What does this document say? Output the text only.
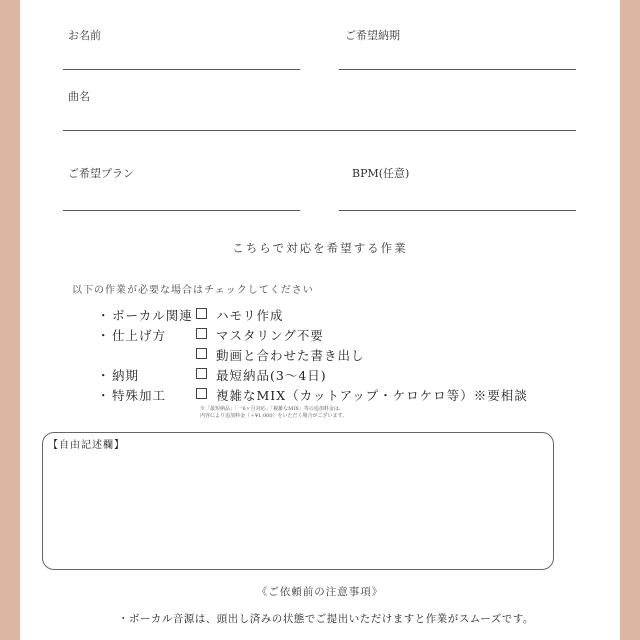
お名前	ご希望納期
曲名
ご希望プラン	BPM(任意)
こちらで対応を希望する作業
以下の作業が必要な場合はチェックしてください
・ ボーカル関連 ハモリ作成
・ 仕上げ方	マスタリング不要
動画と合わせた書き出し
・ 納期	最短納品(3〜4日)
・ 特殊加工	複雑なMIX（カットアップ・ケロケロ等）※要相談
※「最短納品」「一6ヶ月対応」「複雑なMIX」等の追加料金は、
内容により追加料金（＋¥1,000）をいただく場合がございます。
【自由記述欄】
《ご依頼前の注意事項》
・ボーカル音源は、頭出し済みの状態でご提出いただけますと作業がスムーズです。
